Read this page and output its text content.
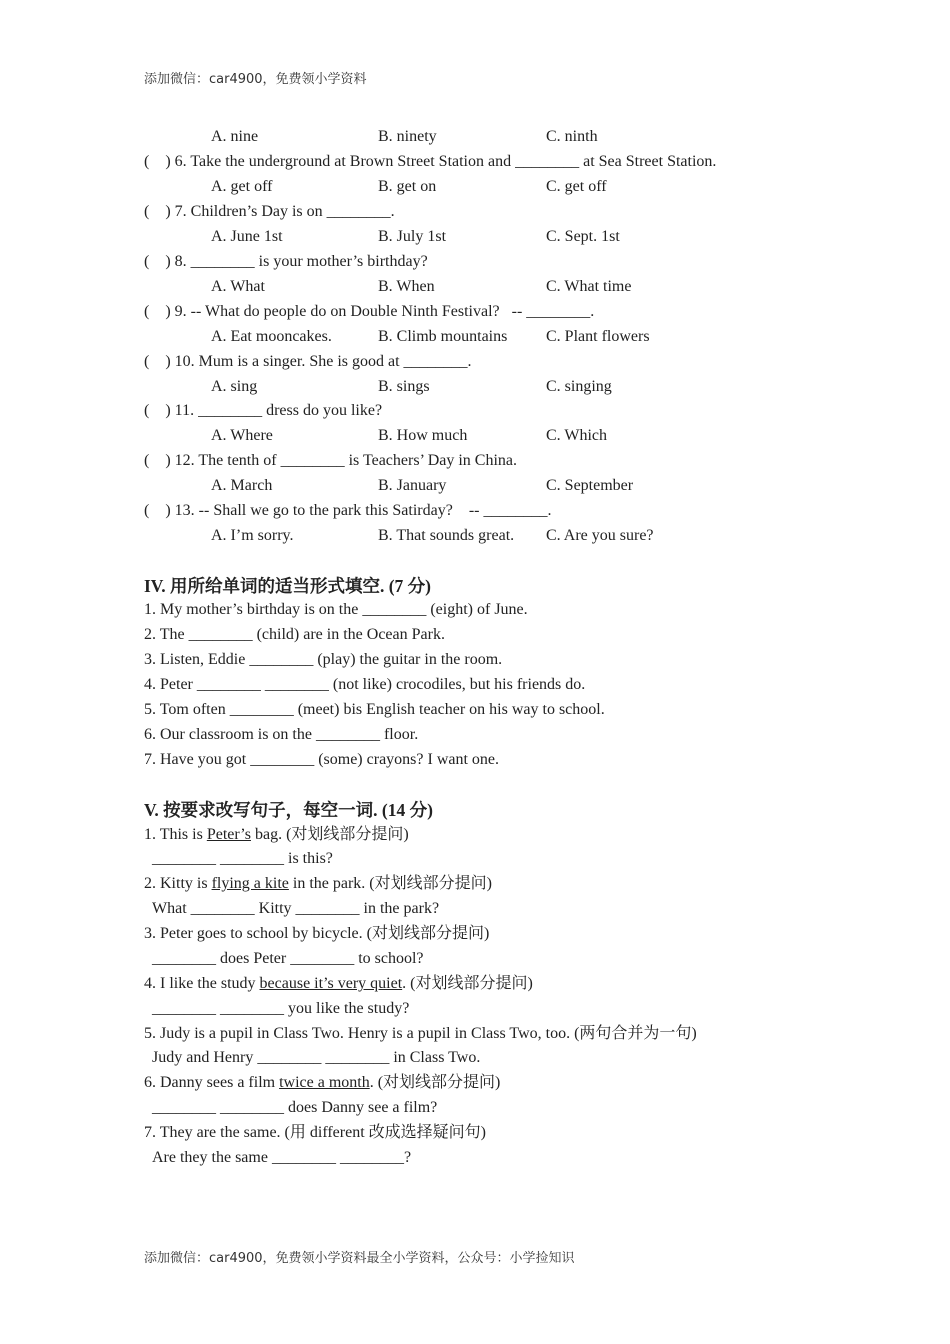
添加微信：car4900，免费领小学资料

A. nine

	B. ninety

	C. ninth

(    ) 6. Take the underground at Brown Street Station and ________ at Sea Street Station.

A. get off

	B. get on

	C. get off

(    ) 7. Children’s Day is on ________.

A. June 1st

	B. July 1st

	C. Sept. 1st

(    ) 8. ________ is your mother’s birthday?

A. What

	B. When

	C. What time

(    ) 9. -- What do people do on Double Ninth Festival?   -- ________.

A. Eat mooncakes.

	B. Climb mountains

C. Plant flowers

(    ) 10. Mum is a singer. She is good at ________.

A. sing

	B. sings

	C. singing

(    ) 11. ________ dress do you like?

A. Where

	B. How much

	C. Which

(    ) 12. The tenth of ________ is Teachers’ Day in China.

A. March

	B. January

	C. September

(    ) 13. -- Shall we go to the park this Satirday?    -- ________.

A. I’m sorry.

	B. That sounds great.

C. Are you sure?

IV. 用所给单词的适当形式填空. (7 分)
1. My mother’s birthday is on the ________ (eight) of June.
2. The ________ (child) are in the Ocean Park.
3. Listen, Eddie ________ (play) the guitar in the room.
4. Peter ________ ________ (not like) crocodiles, but his friends do.
5. Tom often ________ (meet) bis English teacher on his way to school.
6. Our classroom is on the ________ floor.
7. Have you got ________ (some) crayons? I want one.
V. 按要求改写句子，每空一词. (14 分)
1. This is Peter’s bag. (对划线部分提问)
________ ________ is this?
2. Kitty is flying a kite in the park. (对划线部分提问)
What ________ Kitty ________ in the park?
3. Peter goes to school by bicycle. (对划线部分提问)
________ does Peter ________ to school?
4. I like the study because it’s very quiet. (对划线部分提问)
________ ________ you like the study?
5. Judy is a pupil in Class Two. Henry is a pupil in Class Two, too. (两句合并为一句)
Judy and Henry ________ ________ in Class Two.
6. Danny sees a film twice a month. (对划线部分提问)
________ ________ does Danny see a film?
7. They are the same. (用 different 改成选择疑问句)
Are they the same ________ ________?
添加微信：car4900，免费领小学资料最全小学资料，公众号：小学捡知识
